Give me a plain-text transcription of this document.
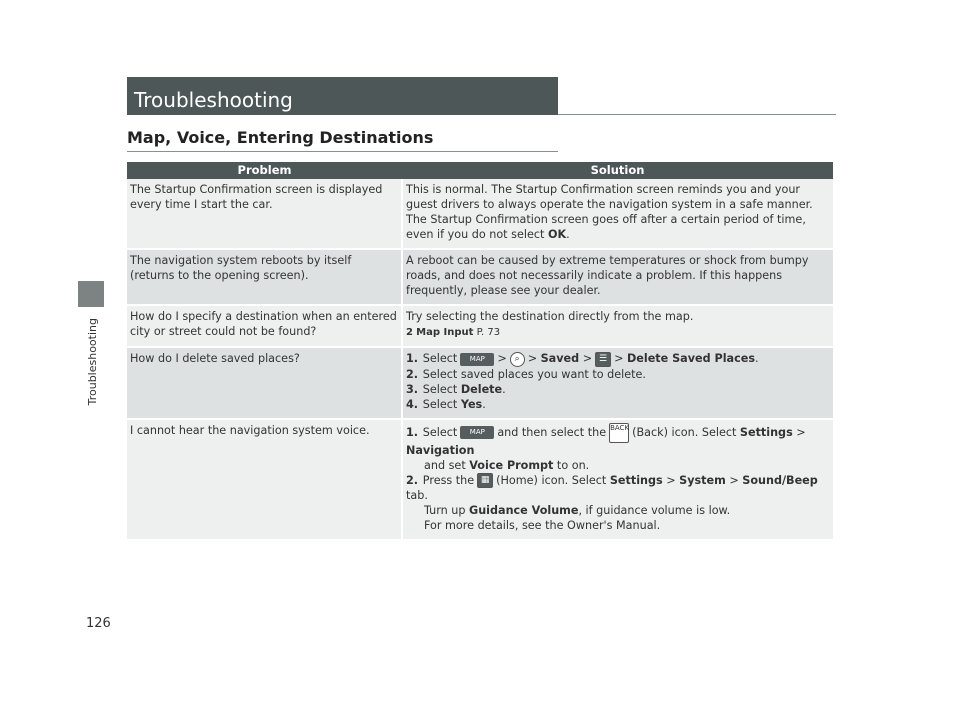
Troubleshooting
126
Troubleshooting
Map, Voice, Entering Destinations
Problem	Solution
The Startup Confirmation screen is displayed every time I start the car.	This is normal. The Startup Confirmation screen reminds you and your guest drivers to always operate the navigation system in a safe manner. The Startup Confirmation screen goes off after a certain period of time, even if you do not select OK.
The navigation system reboots by itself (returns to the opening screen).	A reboot can be caused by extreme temperatures or shock from bumpy roads, and does not necessarily indicate a problem. If this happens frequently, please see your dealer.
How do I specify a destination when an entered city or street could not be found?	Try selecting the destination directly from the map.
2 Map Input P. 73
How do I delete saved places?	1. Select MAP > ⌕ > Saved > ☰ > Delete Saved Places.
2. Select saved places you want to delete.
3. Select Delete.
4. Select Yes.

I cannot hear the navigation system voice.	1. Select MAP and then select the BACK (Back) icon. Select Settings > Navigation
and set Voice Prompt to on.
2. Press the ▦ (Home) icon. Select Settings > System > Sound/Beep tab.
Turn up Guidance Volume, if guidance volume is low.
For more details, see the Owner's Manual.
